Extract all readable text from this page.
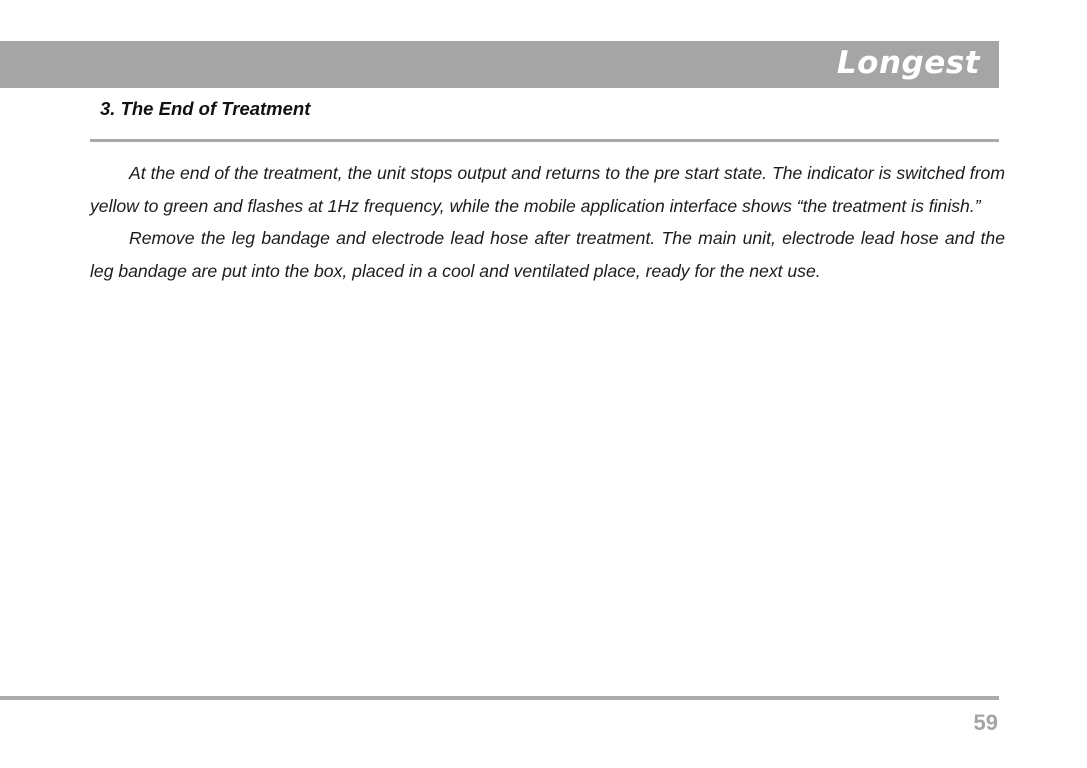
Longest
3. The End of Treatment

At the end of the treatment, the unit stops output and returns to the pre start state. The indicator is switched from yellow to green and flashes at 1Hz frequency, while the mobile application interface shows “the treatment is finish.”

Remove the leg bandage and electrode lead hose after treatment. The main unit, electrode lead hose and the leg bandage are put into the box, placed in a cool and ventilated place, ready for the next use.

59
